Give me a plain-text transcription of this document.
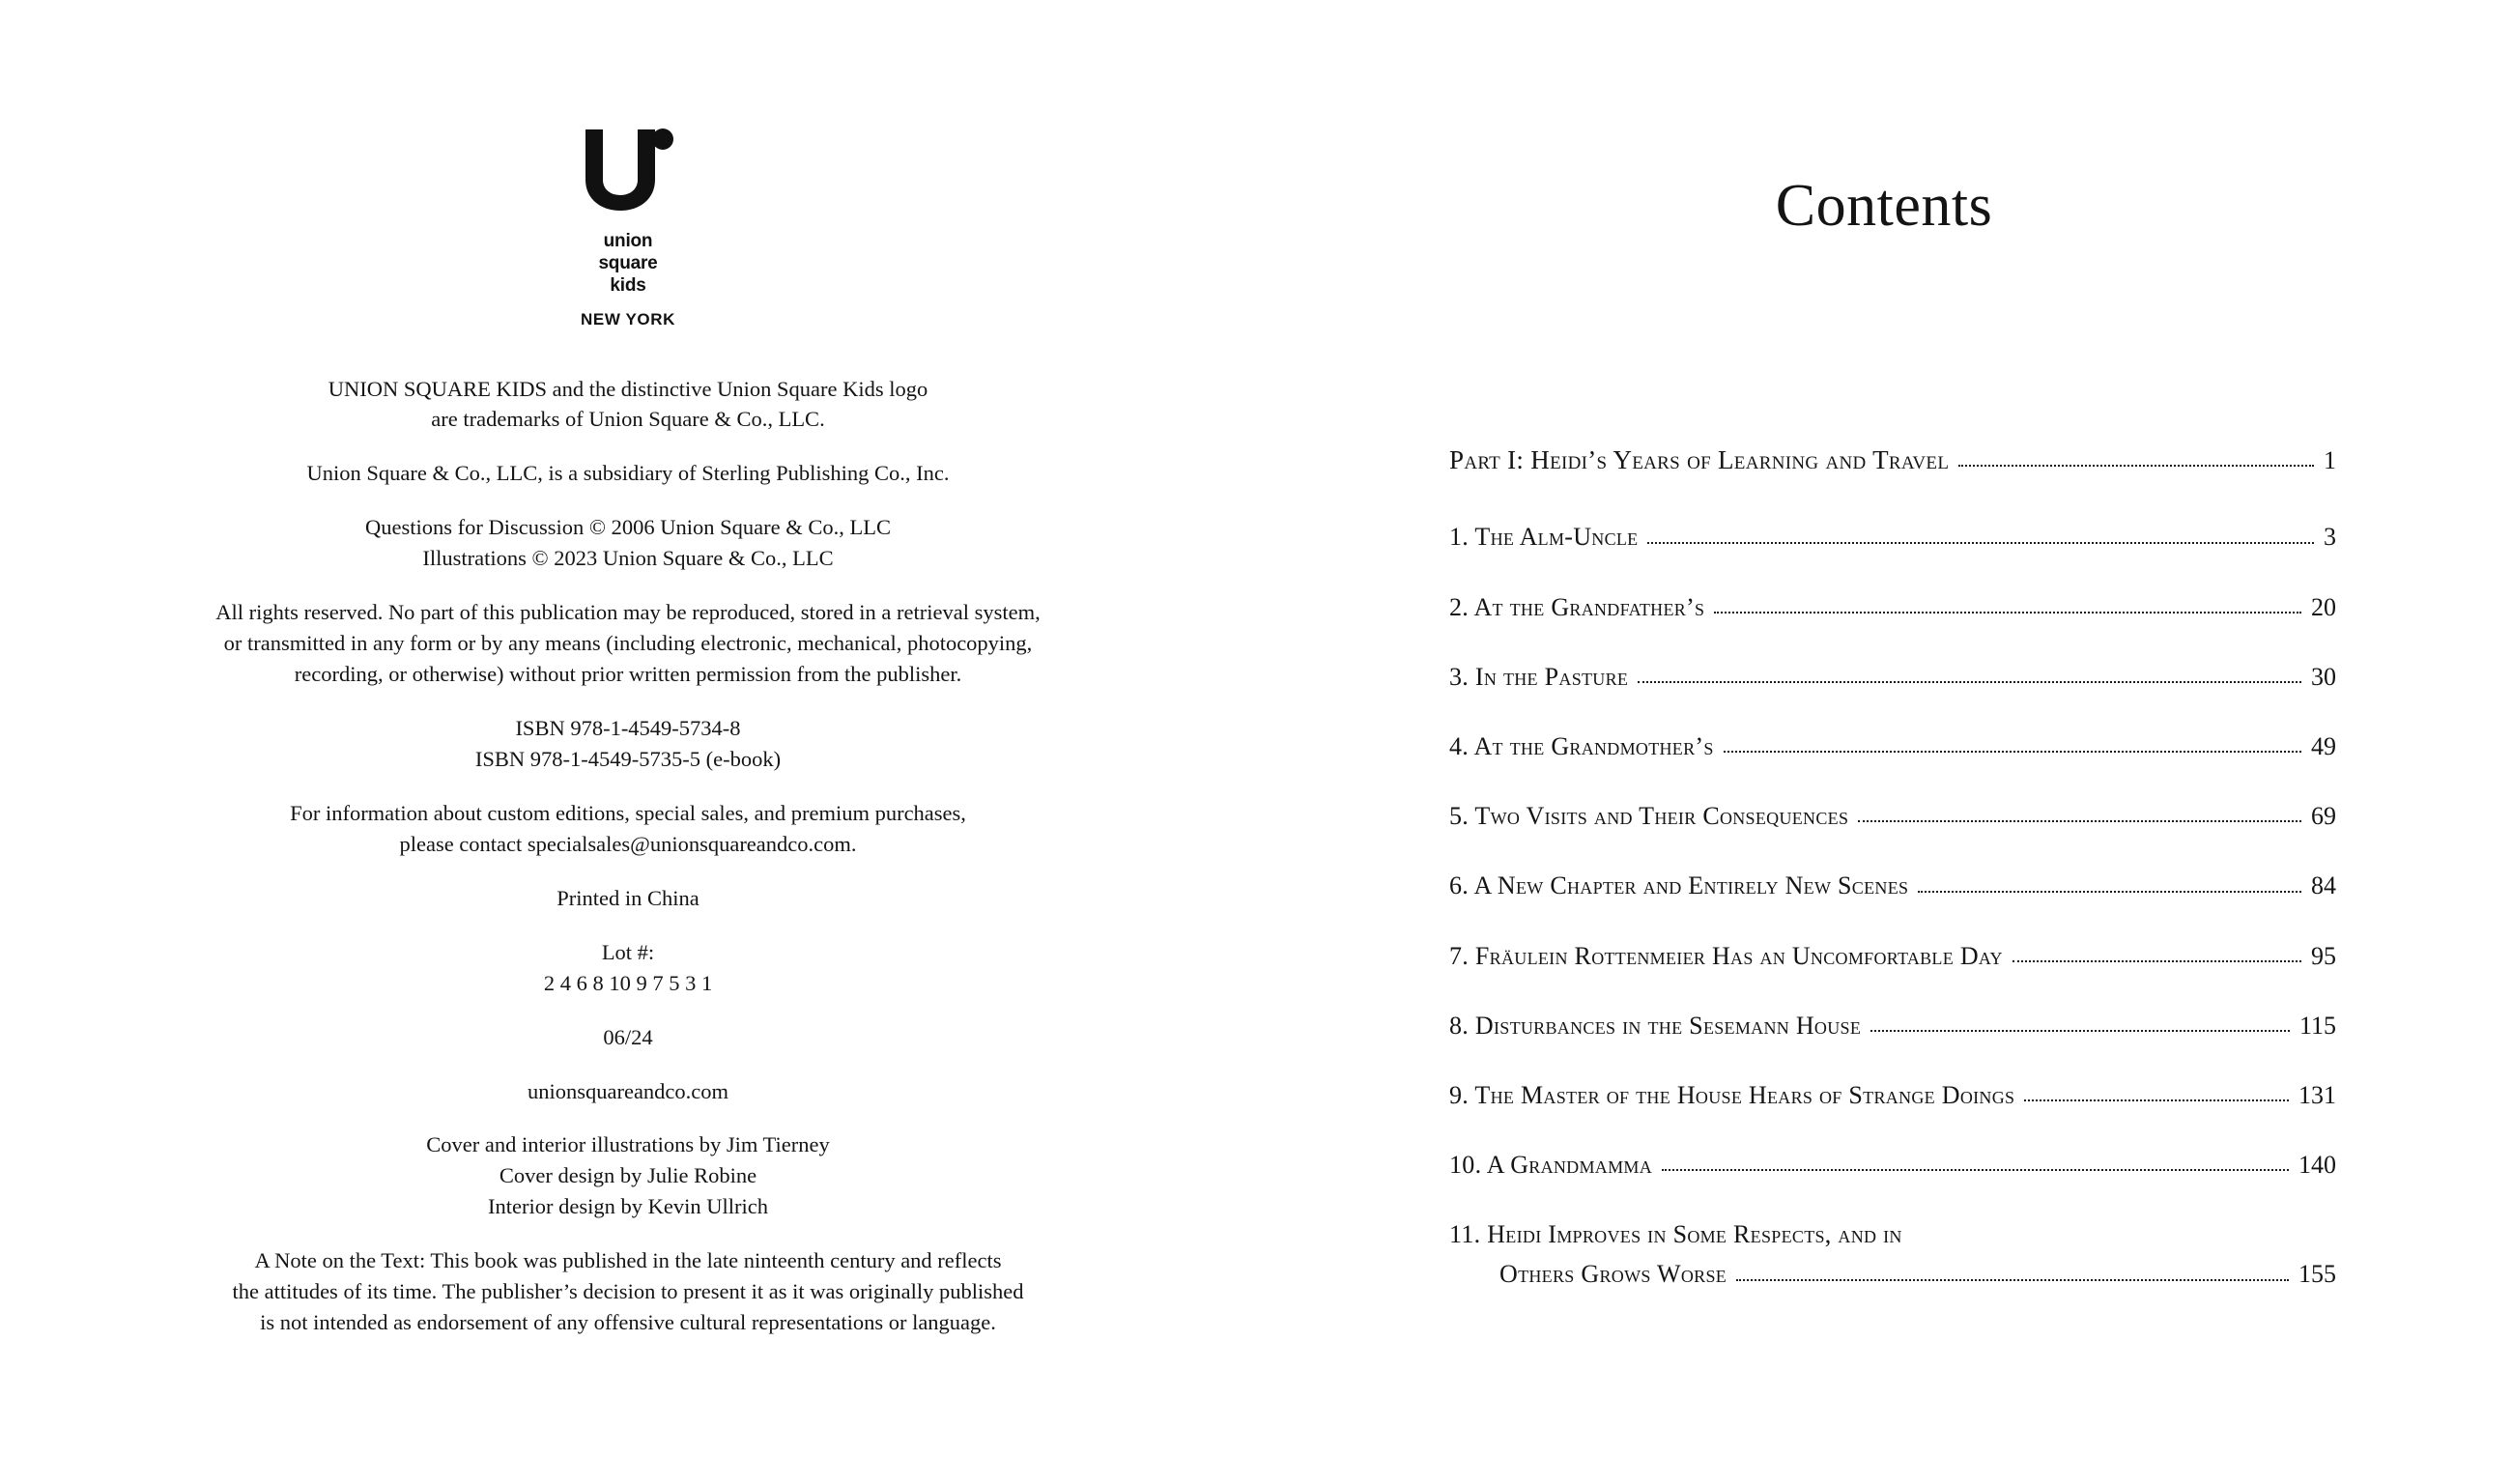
union
square
kids
NEW YORK

UNION SQUARE KIDS and the distinctive Union Square Kids logo
are trademarks of Union Square & Co., LLC.

Union Square & Co., LLC, is a subsidiary of Sterling Publishing Co., Inc.

Questions for Discussion © 2006 Union Square & Co., LLC
Illustrations © 2023 Union Square & Co., LLC

All rights reserved. No part of this publication may be reproduced, stored in a retrieval system,
or transmitted in any form or by any means (including electronic, mechanical, photocopying,
recording, or otherwise) without prior written permission from the publisher.

ISBN 978-1-4549-5734-8
ISBN 978-1-4549-5735-5 (e-book)

For information about custom editions, special sales, and premium purchases,
please contact specialsales@unionsquareandco.com.

Printed in China

Lot #:
2 4 6 8 10 9 7 5 3 1

06/24

unionsquareandco.com

Cover and interior illustrations by Jim Tierney
Cover design by Julie Robine
Interior design by Kevin Ullrich

A Note on the Text: This book was published in the late ninteenth century and reflects
the attitudes of its time. The publisher’s decision to present it as it was originally published
is not intended as endorsement of any offensive cultural representations or language.

Contents
Part I: Heidi’s Years of Learning and Travel	1
1. The Alm-Uncle	3
2. At the Grandfather’s	20
3. In the Pasture	30
4. At the Grandmother’s	49
5. Two Visits and Their Consequences	69
6. A New Chapter and Entirely New Scenes	84
7. Fräulein Rottenmeier Has an Uncomfortable Day	95
8. Disturbances in the Sesemann House	115
9. The Master of the House Hears of Strange Doings	131
10. A Grandmamma	140
11. Heidi Improves in Some Respects, and in
Others Grows Worse	155
